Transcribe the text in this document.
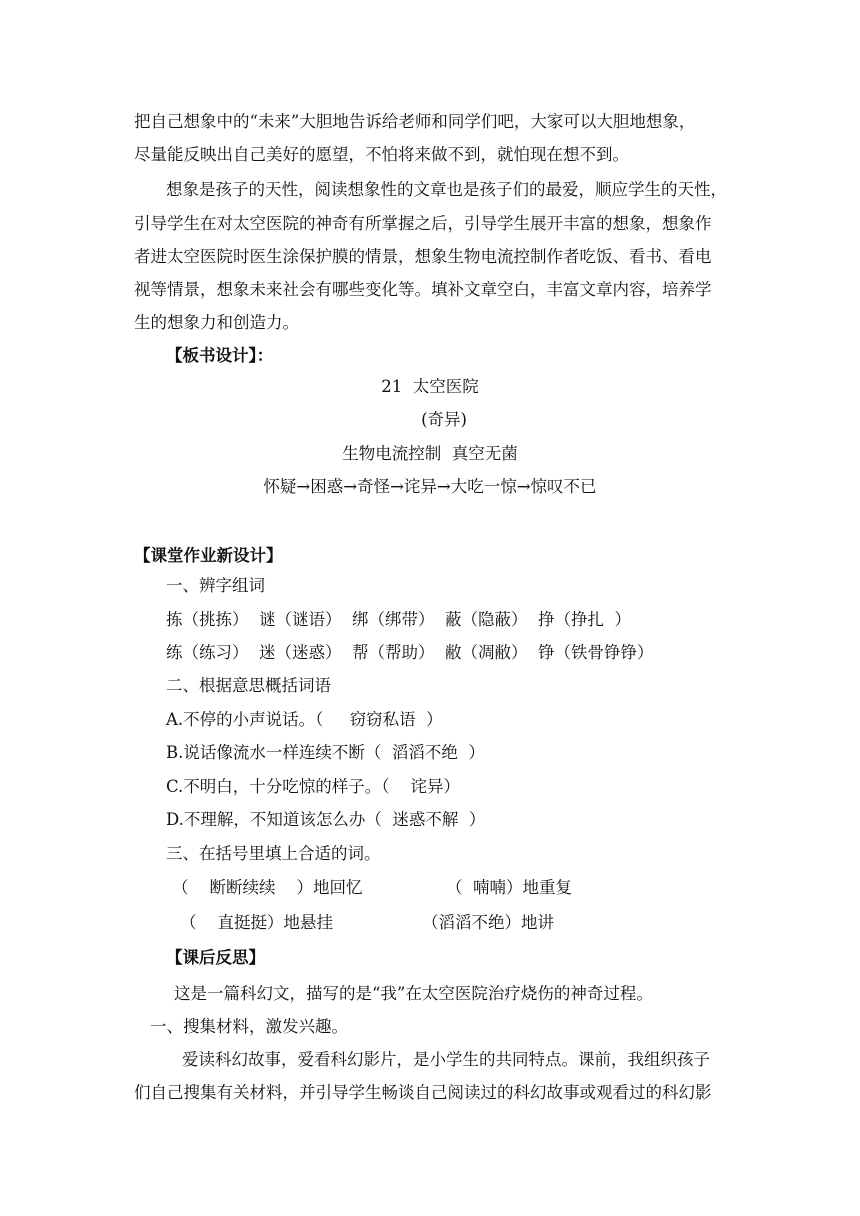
把自己想象中的“未来”大胆地告诉给老师和同学们吧，大家可以大胆地想象，
尽量能反映出自己美好的愿望，不怕将来做不到，就怕现在想不到。
想象是孩子的天性，阅读想象性的文章也是孩子们的最爱，顺应学生的天性，
引导学生在对太空医院的神奇有所掌握之后，引导学生展开丰富的想象，想象作
者进太空医院时医生涂保护膜的情景，想象生物电流控制作者吃饭、看书、看电
视等情景，想象未来社会有哪些变化等。填补文章空白，丰富文章内容，培养学
生的想象力和创造力。
【板书设计】：
21  太空医院
(奇异)
生物电流控制  真空无菌
怀疑→困惑→奇怪→诧异→大吃一惊→惊叹不已
【课堂作业新设计】
一、辨字组词
拣（挑拣）  谜（谜语）  绑（绑带）  蔽（隐蔽）  挣（挣扎  ）
练（练习）  迷（迷惑）  帮（帮助）  敝（凋敝）  铮（铁骨铮铮）
二、根据意思概括词语
A.不停的小声说话。（     窃窃私语  ）
B.说话像流水一样连续不断（  滔滔不绝  ）
C.不明白，十分吃惊的样子。（    诧异）
D.不理解，不知道该怎么办（  迷惑不解  ）
三、在括号里填上合适的词。
（    断断续续    ）地回忆	（  喃喃）地重复
（    直挺挺）地悬挂	（滔滔不绝）地讲
【课后反思】
这是一篇科幻文，描写的是“我”在太空医院治疗烧伤的神奇过程。
一、搜集材料，激发兴趣。
爱读科幻故事，爱看科幻影片，是小学生的共同特点。课前，我组织孩子
们自己搜集有关材料，并引导学生畅谈自己阅读过的科幻故事或观看过的科幻影
